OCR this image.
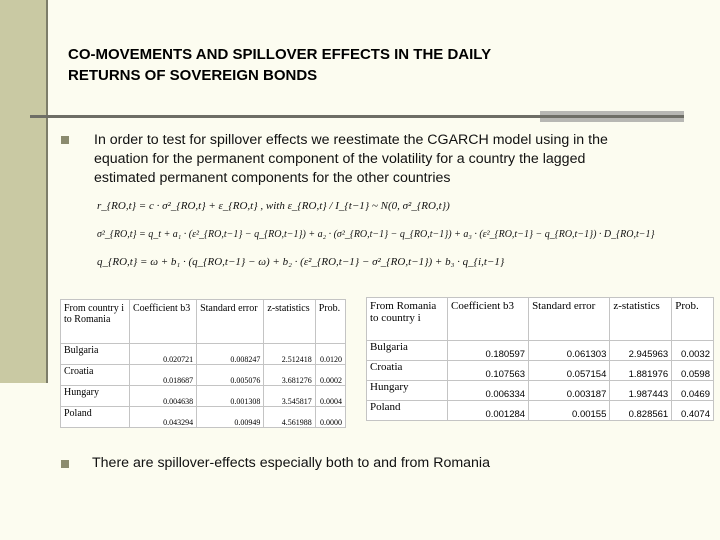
CO-MOVEMENTS AND SPILLOVER EFFECTS IN THE DAILY
RETURNS OF SOVEREIGN BONDS
In order to test for spillover effects we reestimate the CGARCH model using in the
equation for the permanent component of the volatility for a country the lagged
estimated permanent components for the other countries
r_{RO,t} = c · σ²_{RO,t} + ε_{RO,t} , with ε_{RO,t} / I_{t−1} ~ N(0, σ²_{RO,t})
σ²_{RO,t} = q_t + a₁ · (ε²_{RO,t−1} − q_{RO,t−1}) + a₂ · (σ²_{RO,t−1} − q_{RO,t−1}) + a₃ · (ε²_{RO,t−1} − q_{RO,t−1}) · D_{RO,t−1}
q_{RO,t} = ω + b₁ · (q_{RO,t−1} − ω) + b₂ · (ε²_{RO,t−1} − σ²_{RO,t−1}) + b₃ · q_{i,t−1}
From country i to Romania	Coefficient b3	Standard error	z-statistics	Prob.
Bulgaria	0.020721	0.008247	2.512418	0.0120
Croatia	0.018687	0.005076	3.681276	0.0002
Hungary	0.004638	0.001308	3.545817	0.0004
Poland	0.043294	0.00949	4.561988	0.0000
From Romania to country i	Coefficient b3	Standard error	z-statistics	Prob.
Bulgaria	0.180597	0.061303	2.945963	0.0032
Croatia	0.107563	0.057154	1.881976	0.0598
Hungary	0.006334	0.003187	1.987443	0.0469
Poland	0.001284	0.00155	0.828561	0.4074
There are spillover-effects especially both to and from Romania
